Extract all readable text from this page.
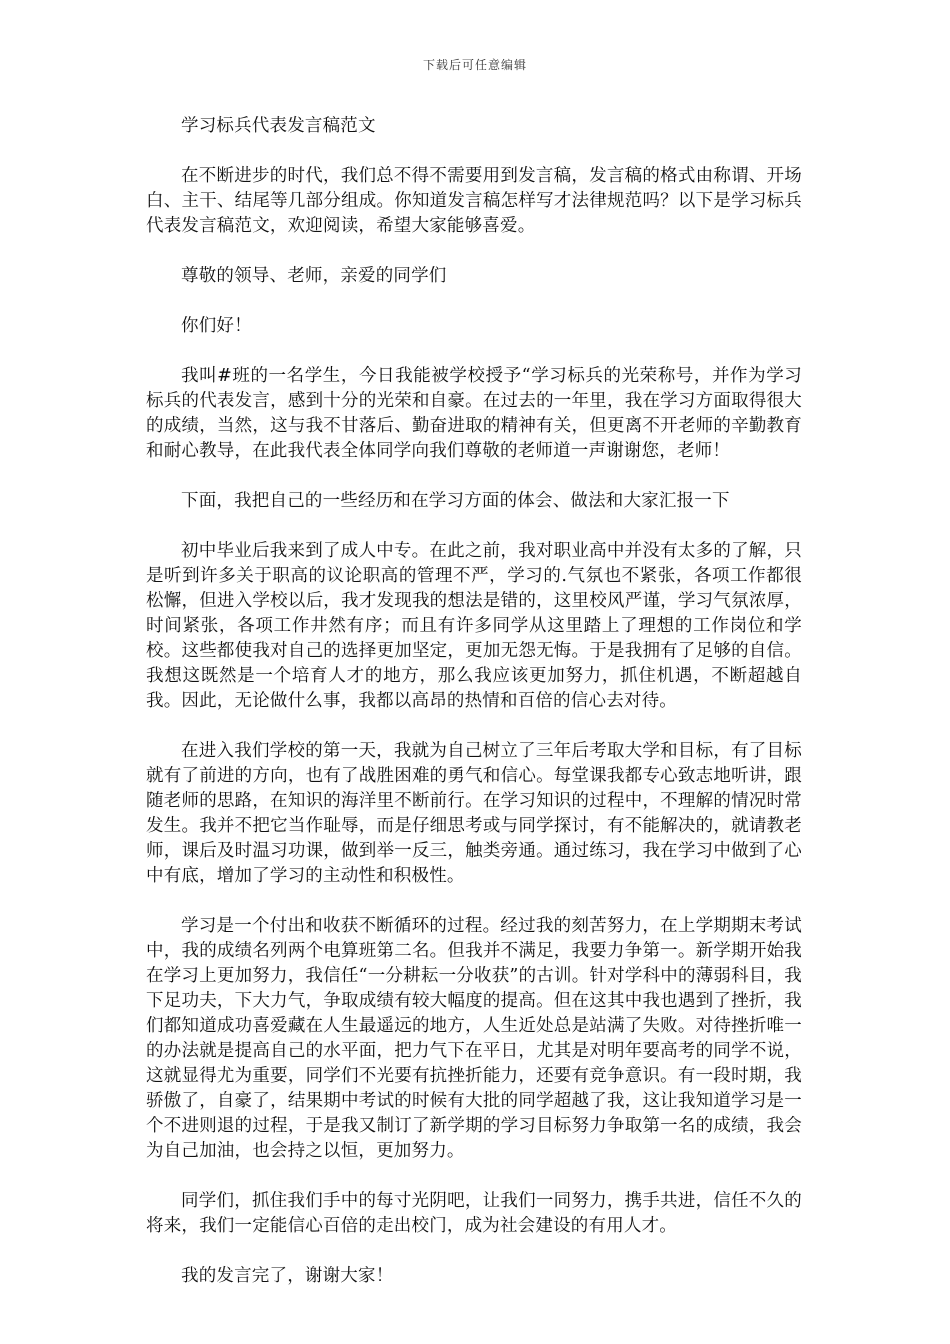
下载后可任意编辑

学习标兵代表发言稿范文

在不断进步的时代，我们总不得不需要用到发言稿，发言稿的格式由称谓、开场白、主干、结尾等几部分组成。你知道发言稿怎样写才法律规范吗？以下是学习标兵代表发言稿范文，欢迎阅读，希望大家能够喜爱。

尊敬的领导、老师，亲爱的同学们

你们好！

我叫#班的一名学生，今日我能被学校授予“学习标兵的光荣称号，并作为学习标兵的代表发言，感到十分的光荣和自豪。在过去的一年里，我在学习方面取得很大的成绩，当然，这与我不甘落后、勤奋进取的精神有关，但更离不开老师的辛勤教育和耐心教导，在此我代表全体同学向我们尊敬的老师道一声谢谢您，老师！

下面，我把自己的一些经历和在学习方面的体会、做法和大家汇报一下

初中毕业后我来到了成人中专。在此之前，我对职业高中并没有太多的了解，只是听到许多关于职高的议论职高的管理不严，学习的.气氛也不紧张，各项工作都很松懈，但进入学校以后，我才发现我的想法是错的，这里校风严谨，学习气氛浓厚，时间紧张，各项工作井然有序；而且有许多同学从这里踏上了理想的工作岗位和学校。这些都使我对自己的选择更加坚定，更加无怨无悔。于是我拥有了足够的自信。我想这既然是一个培育人才的地方，那么我应该更加努力，抓住机遇，不断超越自我。因此，无论做什么事，我都以高昂的热情和百倍的信心去对待。

在进入我们学校的第一天，我就为自己树立了三年后考取大学和目标，有了目标就有了前进的方向，也有了战胜困难的勇气和信心。每堂课我都专心致志地听讲，跟随老师的思路，在知识的海洋里不断前行。在学习知识的过程中，不理解的情况时常发生。我并不把它当作耻辱，而是仔细思考或与同学探讨，有不能解决的，就请教老师，课后及时温习功课，做到举一反三，触类旁通。通过练习，我在学习中做到了心中有底，增加了学习的主动性和积极性。

学习是一个付出和收获不断循环的过程。经过我的刻苦努力，在上学期期末考试中，我的成绩名列两个电算班第二名。但我并不满足，我要力争第一。新学期开始我在学习上更加努力，我信任“一分耕耘一分收获”的古训。针对学科中的薄弱科目，我下足功夫，下大力气，争取成绩有较大幅度的提高。但在这其中我也遇到了挫折，我们都知道成功喜爱藏在人生最遥远的地方，人生近处总是站满了失败。对待挫折唯一的办法就是提高自己的水平面，把力气下在平日，尤其是对明年要高考的同学不说，这就显得尤为重要，同学们不光要有抗挫折能力，还要有竞争意识。有一段时期，我骄傲了，自豪了，结果期中考试的时候有大批的同学超越了我，这让我知道学习是一个不进则退的过程，于是我又制订了新学期的学习目标努力争取第一名的成绩，我会为自己加油，也会持之以恒，更加努力。

同学们，抓住我们手中的每寸光阴吧，让我们一同努力，携手共进，信任不久的将来，我们一定能信心百倍的走出校门，成为社会建设的有用人才。

我的发言完了，谢谢大家！
